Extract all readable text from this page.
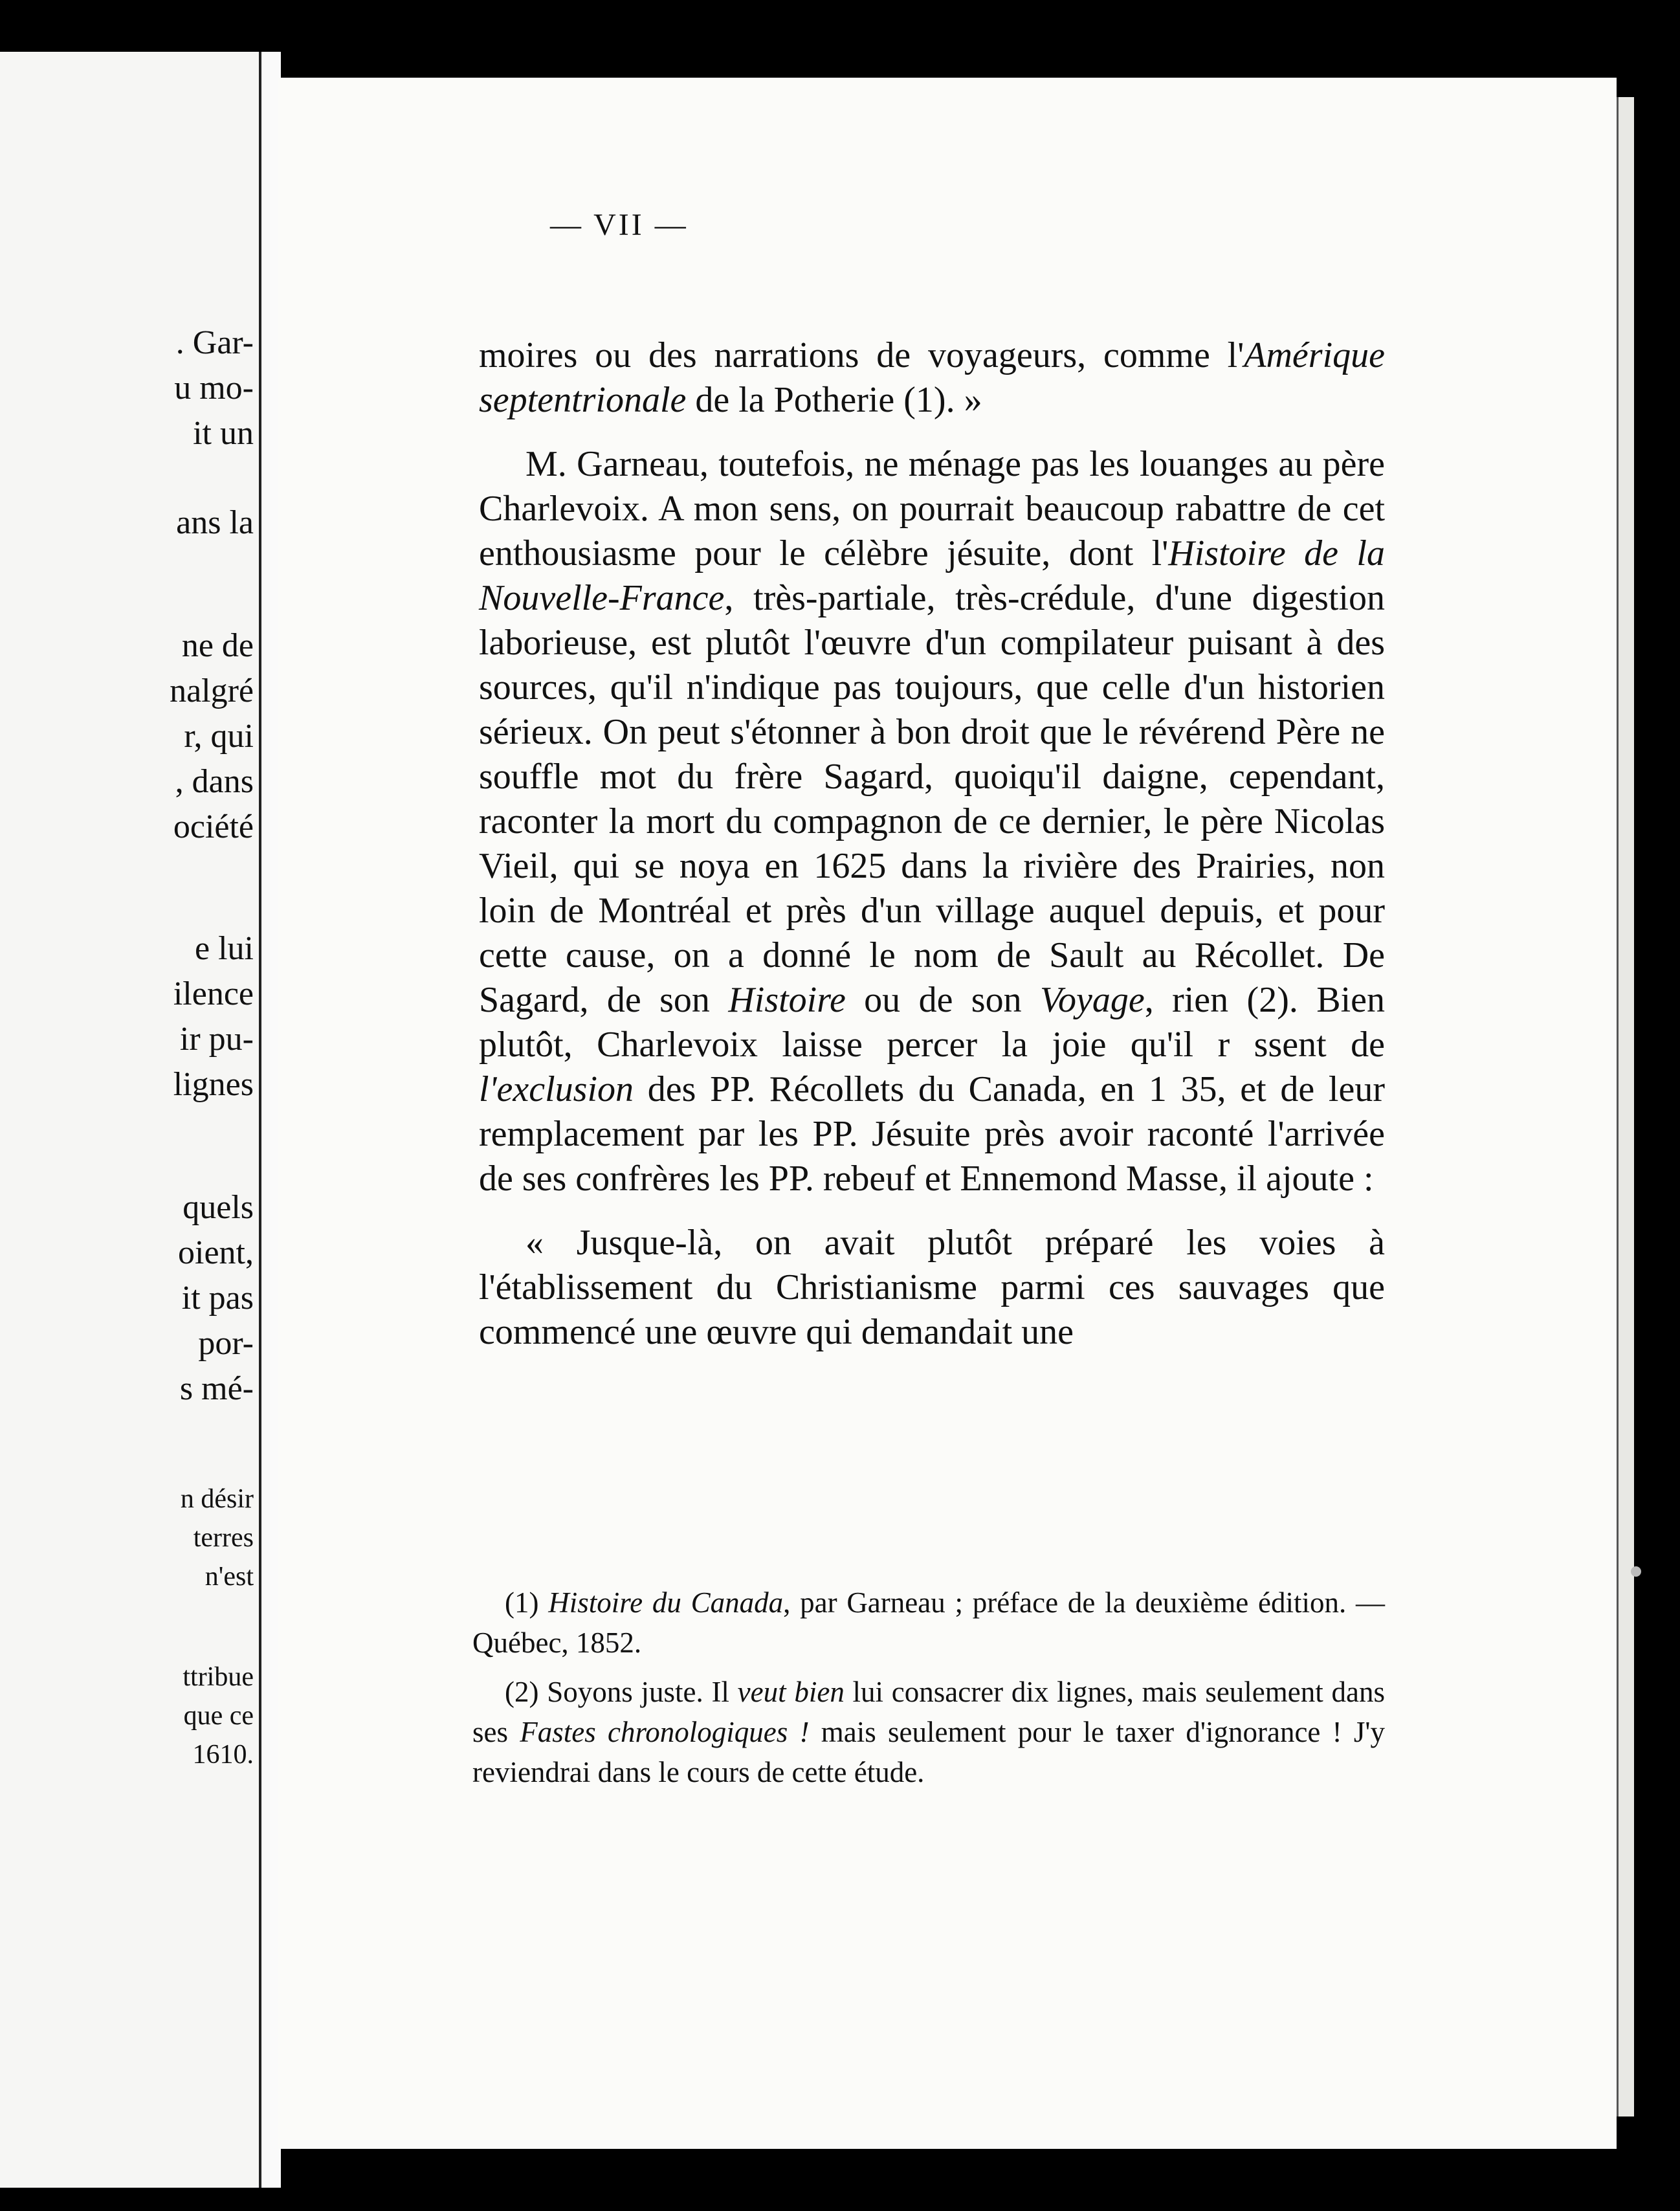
. Gar-
u mo-
it un
ans la
ne de
nalgré
r, qui
, dans
ociété
e lui
ilence
ir pu-
lignes
quels
oient,
it pas
por-
s mé-
n désir
terres
n'est
ttribue
que ce
1610.
— VII —

moires ou des narrations de voyageurs, comme l'Amérique septentrionale de la Potherie (1). »

M. Garneau, toutefois, ne ménage pas les louanges au père Charlevoix. A mon sens, on pourrait beaucoup rabattre de cet enthousiasme pour le célèbre jésuite, dont l'Histoire de la Nouvelle-France, très-partiale, très-crédule, d'une digestion laborieuse, est plutôt l'œuvre d'un compilateur puisant à des sources, qu'il n'indique pas toujours, que celle d'un historien sérieux. On peut s'étonner à bon droit que le révérend Père ne souffle mot du frère Sagard, quoiqu'il daigne, cependant, raconter la mort du compagnon de ce dernier, le père Nicolas Vieil, qui se noya en 1625 dans la rivière des Prairies, non loin de Montréal et près d'un village auquel depuis, et pour cette cause, on a donné le nom de Sault au Récollet. De Sagard, de son Histoire ou de son Voyage, rien (2). Bien plutôt, Charlevoix laisse percer la joie qu'il r ssent de l'exclusion des PP. Récollets du Canada, en 1 35, et de leur remplacement par les PP. Jésuite près avoir raconté l'arrivée de ses confrères les PP. rebeuf et Ennemond Masse, il ajoute :

« Jusque-là, on avait plutôt préparé les voies à l'établissement du Christianisme parmi ces sauvages que commencé une œuvre qui demandait une

(1) Histoire du Canada, par Garneau ; préface de la deuxième édition. — Québec, 1852.

(2) Soyons juste. Il veut bien lui consacrer dix lignes, mais seulement dans ses Fastes chronologiques ! mais seulement pour le taxer d'ignorance ! J'y reviendrai dans le cours de cette étude.
